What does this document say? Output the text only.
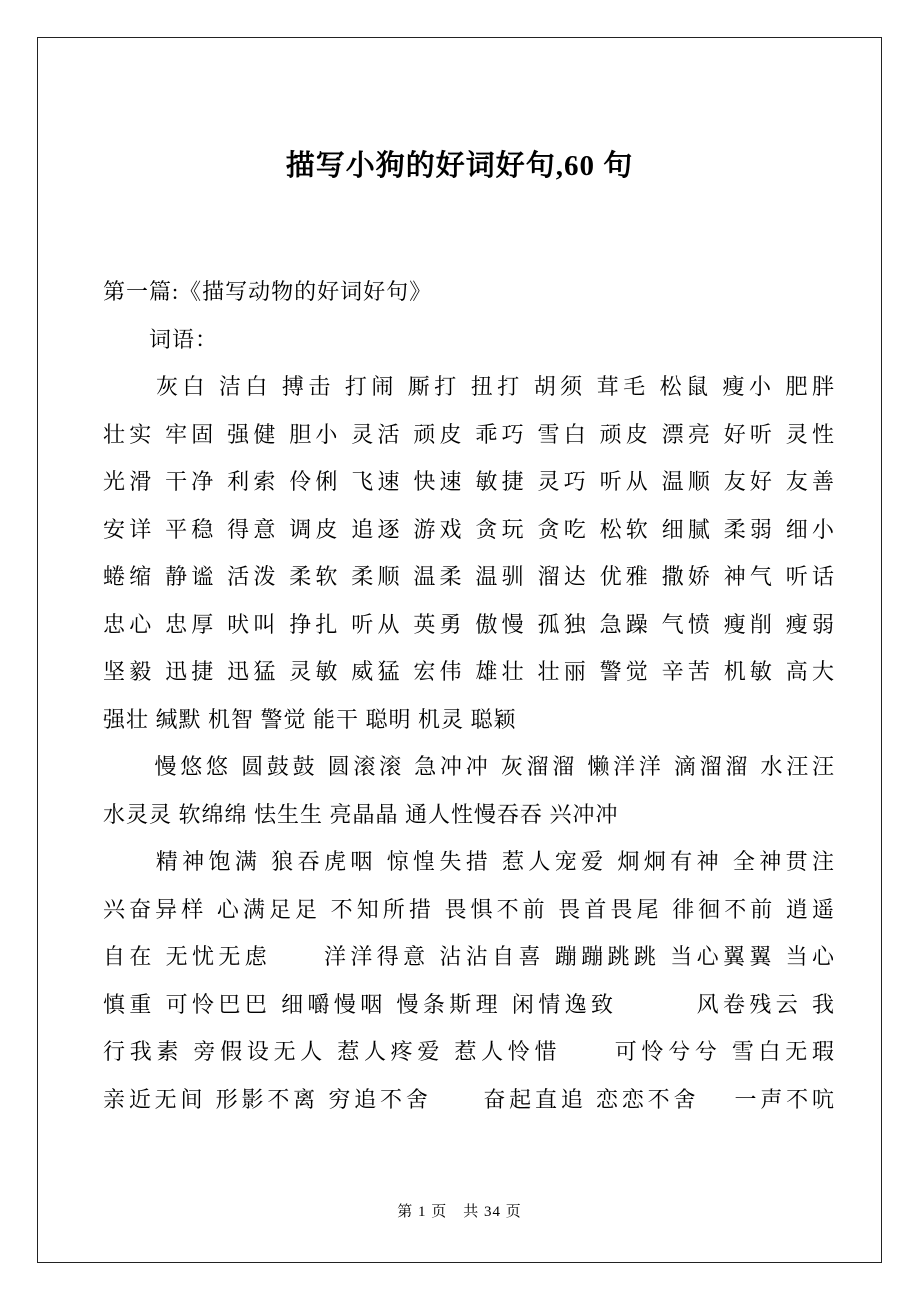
描写小狗的好词好句,60 句
第一篇:《描写动物的好词好句》
　　词语：
　　灰白 洁白 搏击 打闹 厮打 扭打 胡须 茸毛 松鼠 瘦小 肥胖
壮实 牢固 强健 胆小 灵活 顽皮 乖巧 雪白 顽皮 漂亮 好听 灵性
光滑 干净 利索 伶俐 飞速 快速 敏捷 灵巧 听从 温顺 友好 友善
安详 平稳 得意 调皮 追逐 游戏 贪玩 贪吃 松软 细腻 柔弱 细小
蜷缩 静谧 活泼 柔软 柔顺 温柔 温驯 溜达 优雅 撒娇 神气 听话
忠心 忠厚 吠叫 挣扎 听从 英勇 傲慢 孤独 急躁 气愤 瘦削 瘦弱
坚毅 迅捷 迅猛 灵敏 威猛 宏伟 雄壮 壮丽 警觉 辛苦 机敏 高大
强壮 缄默 机智 警觉 能干 聪明 机灵 聪颖
　　慢悠悠 圆鼓鼓 圆滚滚 急冲冲 灰溜溜 懒洋洋 滴溜溜 水汪汪
水灵灵 软绵绵 怯生生 亮晶晶 通人性慢吞吞 兴冲冲
　　精神饱满 狼吞虎咽 惊惶失措 惹人宠爱 炯炯有神 全神贯注
兴奋异样 心满足足 不知所措 畏惧不前 畏首畏尾 徘徊不前 逍遥
自在 无忧无虑　　洋洋得意 沾沾自喜 蹦蹦跳跳 当心翼翼 当心
慎重 可怜巴巴 细嚼慢咽 慢条斯理 闲情逸致　　　风卷残云 我
行我素 旁假设无人 惹人疼爱 惹人怜惜　　可怜兮兮 雪白无瑕
亲近无间 形影不离 穷追不舍　　奋起直追 恋恋不舍　 一声不吭
第 1 页　共 34 页
